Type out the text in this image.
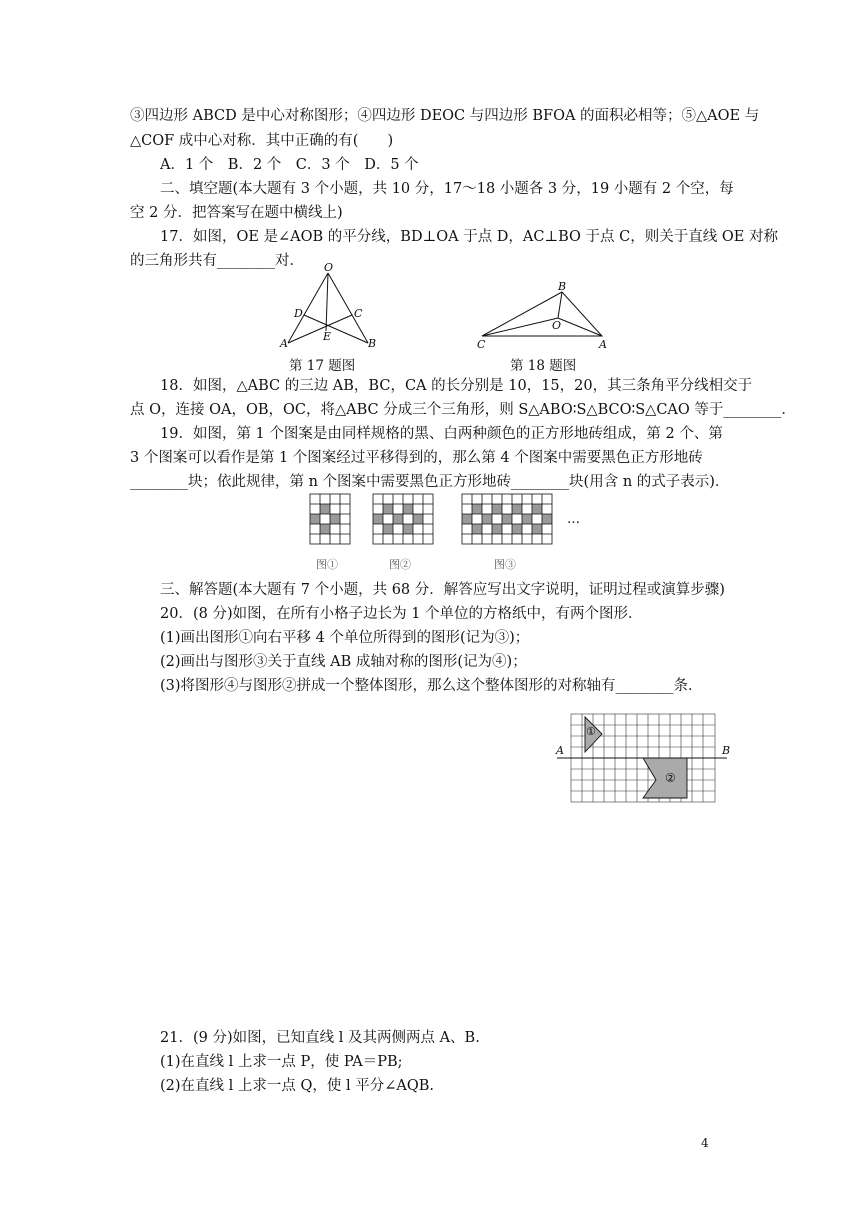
③四边形 ABCD 是中心对称图形；④四边形 DEOC 与四边形 BFOA 的面积必相等；⑤△AOE 与
△COF 成中心对称．其中正确的有(　　)
A．1 个　B．2 个　C．3 个　D．5 个
二、填空题(本大题有 3 个小题，共 10 分，17～18 小题各 3 分，19 小题有 2 个空，每
空 2 分．把答案写在题中横线上)
17．如图，OE 是∠AOB 的平分线，BD⊥OA 于点 D，AC⊥BO 于点 C，则关于直线 OE 对称
的三角形共有________对． O
D	C
E
A	B
第 17 题图
B
O
C	A
第 18 题图
18．如图，△ABC 的三边 AB，BC，CA 的长分别是 10，15，20，其三条角平分线相交于
点 O，连接 OA，OB，OC，将△ABC 分成三个三角形，则 S△ABO∶S△BCO∶S△CAO 等于________．
19．如图，第 1 个图案是由同样规格的黑、白两种颜色的正方形地砖组成，第 2 个、第
3 个图案可以看作是第 1 个图案经过平移得到的，那么第 4 个图案中需要黑色正方形地砖
________块；依此规律，第 n 个图案中需要黑色正方形地砖________块(用含 n 的式子表示)．
…
图①	图②	图③
三、解答题(本大题有 7 个小题，共 68 分．解答应写出文字说明，证明过程或演算步骤)
20．(8 分)如图，在所有小格子边长为 1 个单位的方格纸中，有两个图形．
(1)画出图形①向右平移 4 个单位所得到的图形(记为③)；
(2)画出与图形③关于直线 AB 成轴对称的图形(记为④)；
(3)将图形④与图形②拼成一个整体图形，那么这个整体图形的对称轴有________条．
①
②
A	B
21．(9 分)如图，已知直线 l 及其两侧两点 A、B.
(1)在直线 l 上求一点 P，使 PA＝PB;
(2)在直线 l 上求一点 Q，使 l 平分∠AQB.
4
